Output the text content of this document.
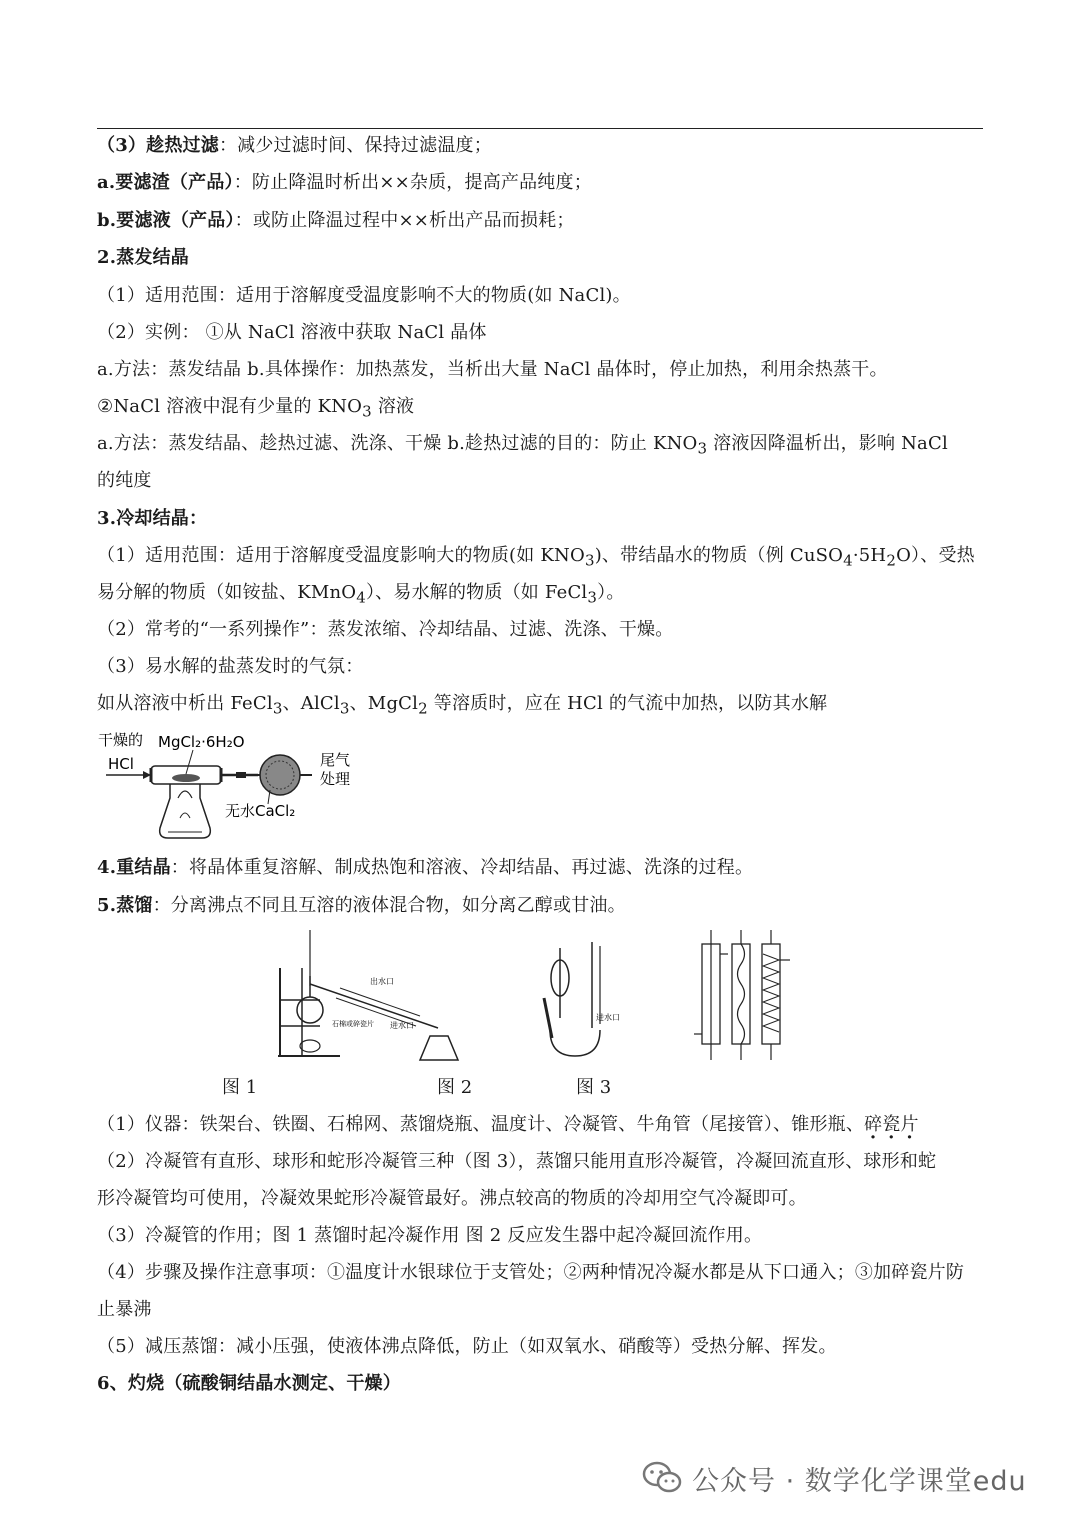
（3）趁热过滤：减少过滤时间、保持过滤温度；
a.要滤渣（产品）：防止降温时析出××杂质，提高产品纯度；
b.要滤液（产品）：或防止降温过程中××析出产品而损耗；
2.蒸发结晶
（1）适用范围：适用于溶解度受温度影响不大的物质(如 NaCl)。
（2）实例： ①从 NaCl 溶液中获取 NaCl 晶体
a.方法：蒸发结晶 b.具体操作：加热蒸发，当析出大量 NaCl 晶体时，停止加热，利用余热蒸干。
②NaCl 溶液中混有少量的 $KNO_3$ 溶液
a.方法：蒸发结晶、趁热过滤、洗涤、干燥 b.趁热过滤的目的：防止 $KNO_3$ 溶液因降温析出，影响 NaCl
的纯度
3.冷却结晶：
（1）适用范围：适用于溶解度受温度影响大的物质(如 $KNO_3$)、带结晶水的物质（例 $CuSO_4\cdot 5H_2O$）、受热
易分解的物质（如铵盐、KMnO$_4$）、易水解的物质（如 FeCl$_3$）。
（2）常考的“一系列操作”：蒸发浓缩、冷却结晶、过滤、洗涤、干燥。
（3）易水解的盐蒸发时的气氛：
如从溶液中析出 FeCl$_3$、AlCl$_3$、MgCl$_2$ 等溶质时，应在 HCl 的气流中加热，以防其水解
干燥的
HCl
MgCl₂·6H₂O
尾气
处理
无水CaCl₂
4.重结晶：将晶体重复溶解、制成热饱和溶液、冷却结晶、再过滤、洗涤的过程。
5.蒸馏：分离沸点不同且互溶的液体混合物，如分离乙醇或甘油。
出水口
进水口
石棉或碎瓷片
进水口
图 1	图 2	图 3
（1）仪器：铁架台、铁圈、石棉网、蒸馏烧瓶、温度计、冷凝管、牛角管（尾接管）、锥形瓶、碎瓷片
（2）冷凝管有直形、球形和蛇形冷凝管三种（图 3），蒸馏只能用直形冷凝管，冷凝回流直形、球形和蛇
形冷凝管均可使用，冷凝效果蛇形冷凝管最好。沸点较高的物质的冷却用空气冷凝即可。
（3）冷凝管的作用；图 1 蒸馏时起冷凝作用 图 2 反应发生器中起冷凝回流作用。
（4）步骤及操作注意事项：①温度计水银球位于支管处；②两种情况冷凝水都是从下口通入；③加碎瓷片防
止暴沸
（5）减压蒸馏：减小压强，使液体沸点降低，防止（如双氧水、硝酸等）受热分解、挥发。
6、灼烧（硫酸铜结晶水测定、干燥）
公众号 · 数学化学课堂edu
